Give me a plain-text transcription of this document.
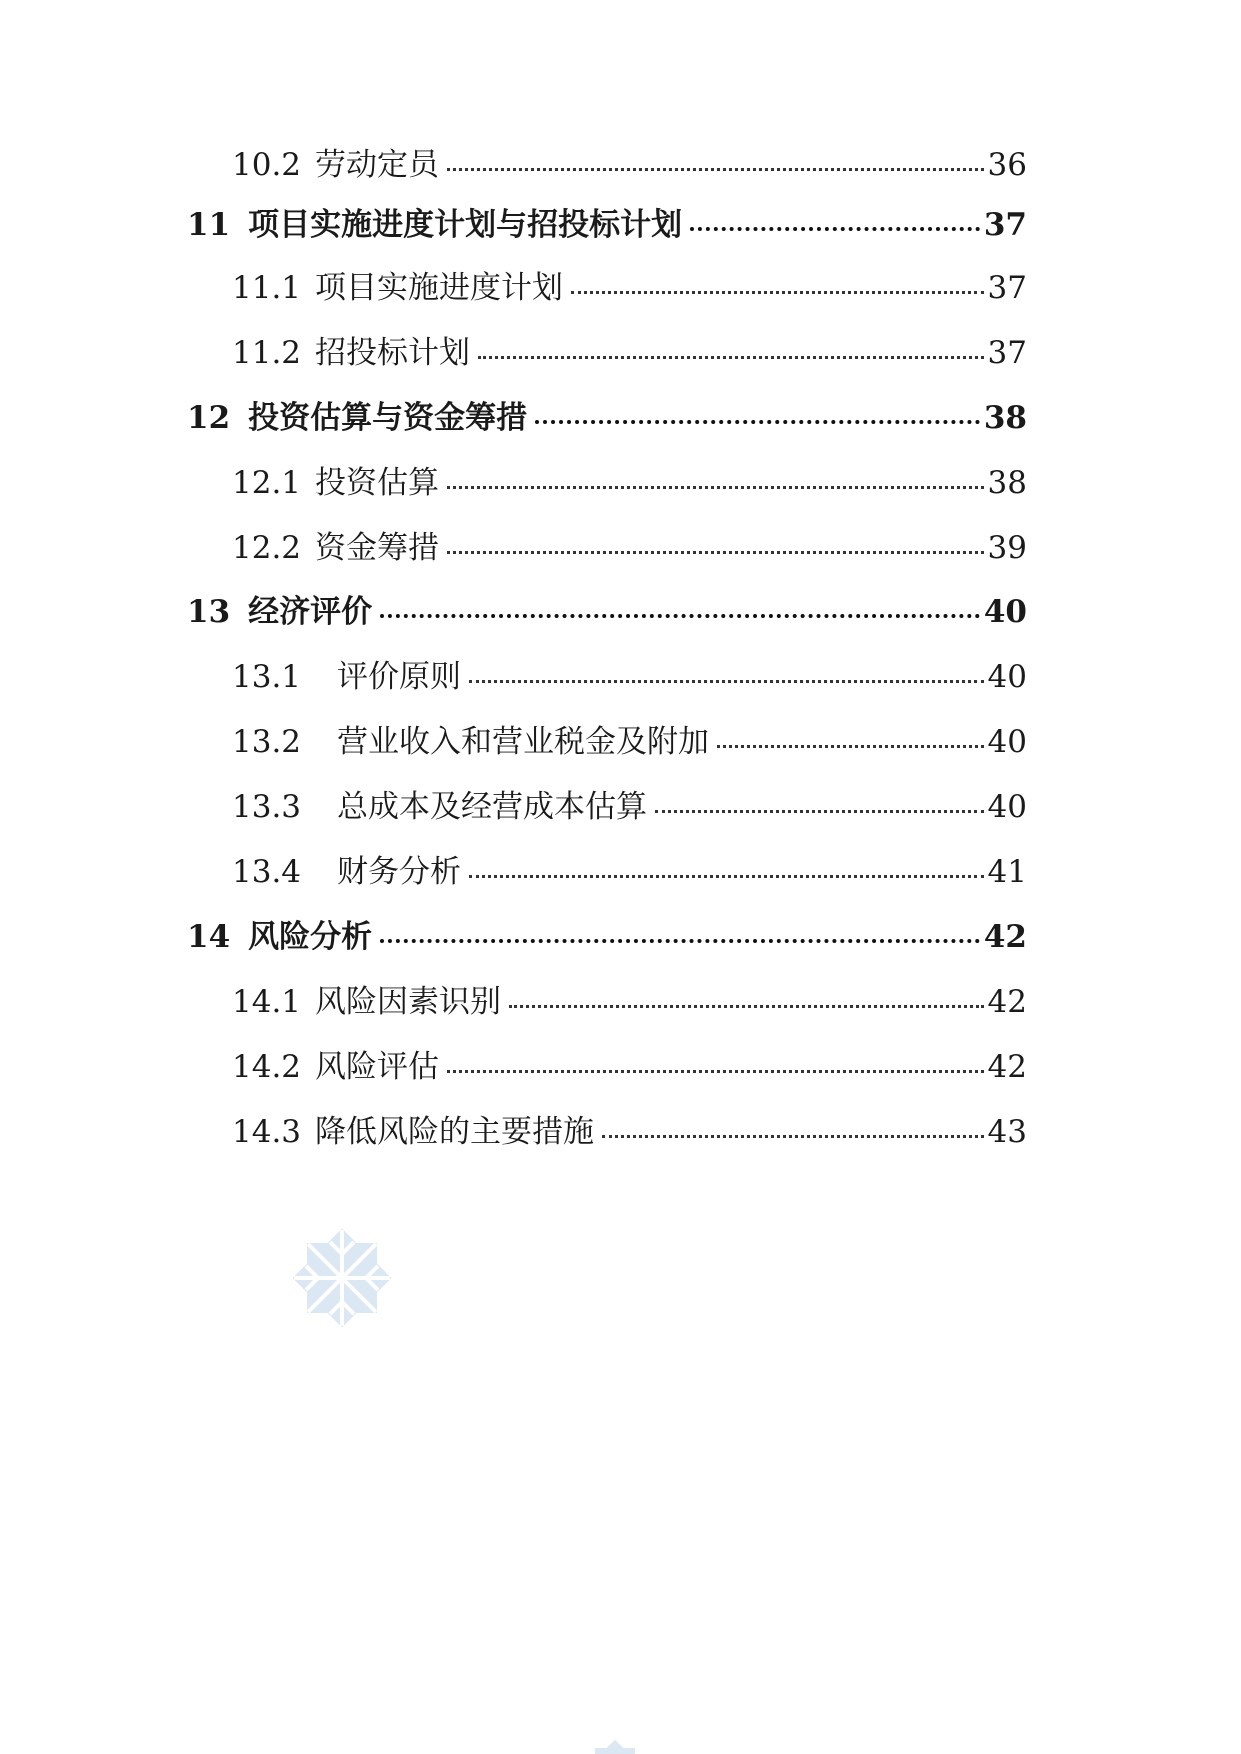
10.2 劳动定员	36
11 项目实施进度计划与招投标计划	37
11.1 项目实施进度计划	37
11.2 招投标计划	37
12 投资估算与资金筹措	38
12.1 投资估算	38
12.2 资金筹措	39
13 经济评价	40
13.1 评价原则	40
13.2 营业收入和营业税金及附加	40
13.3 总成本及经营成本估算	40
13.4 财务分析	41
14 风险分析	42
14.1 风险因素识别	42
14.2 风险评估	42
14.3 降低风险的主要措施	43
